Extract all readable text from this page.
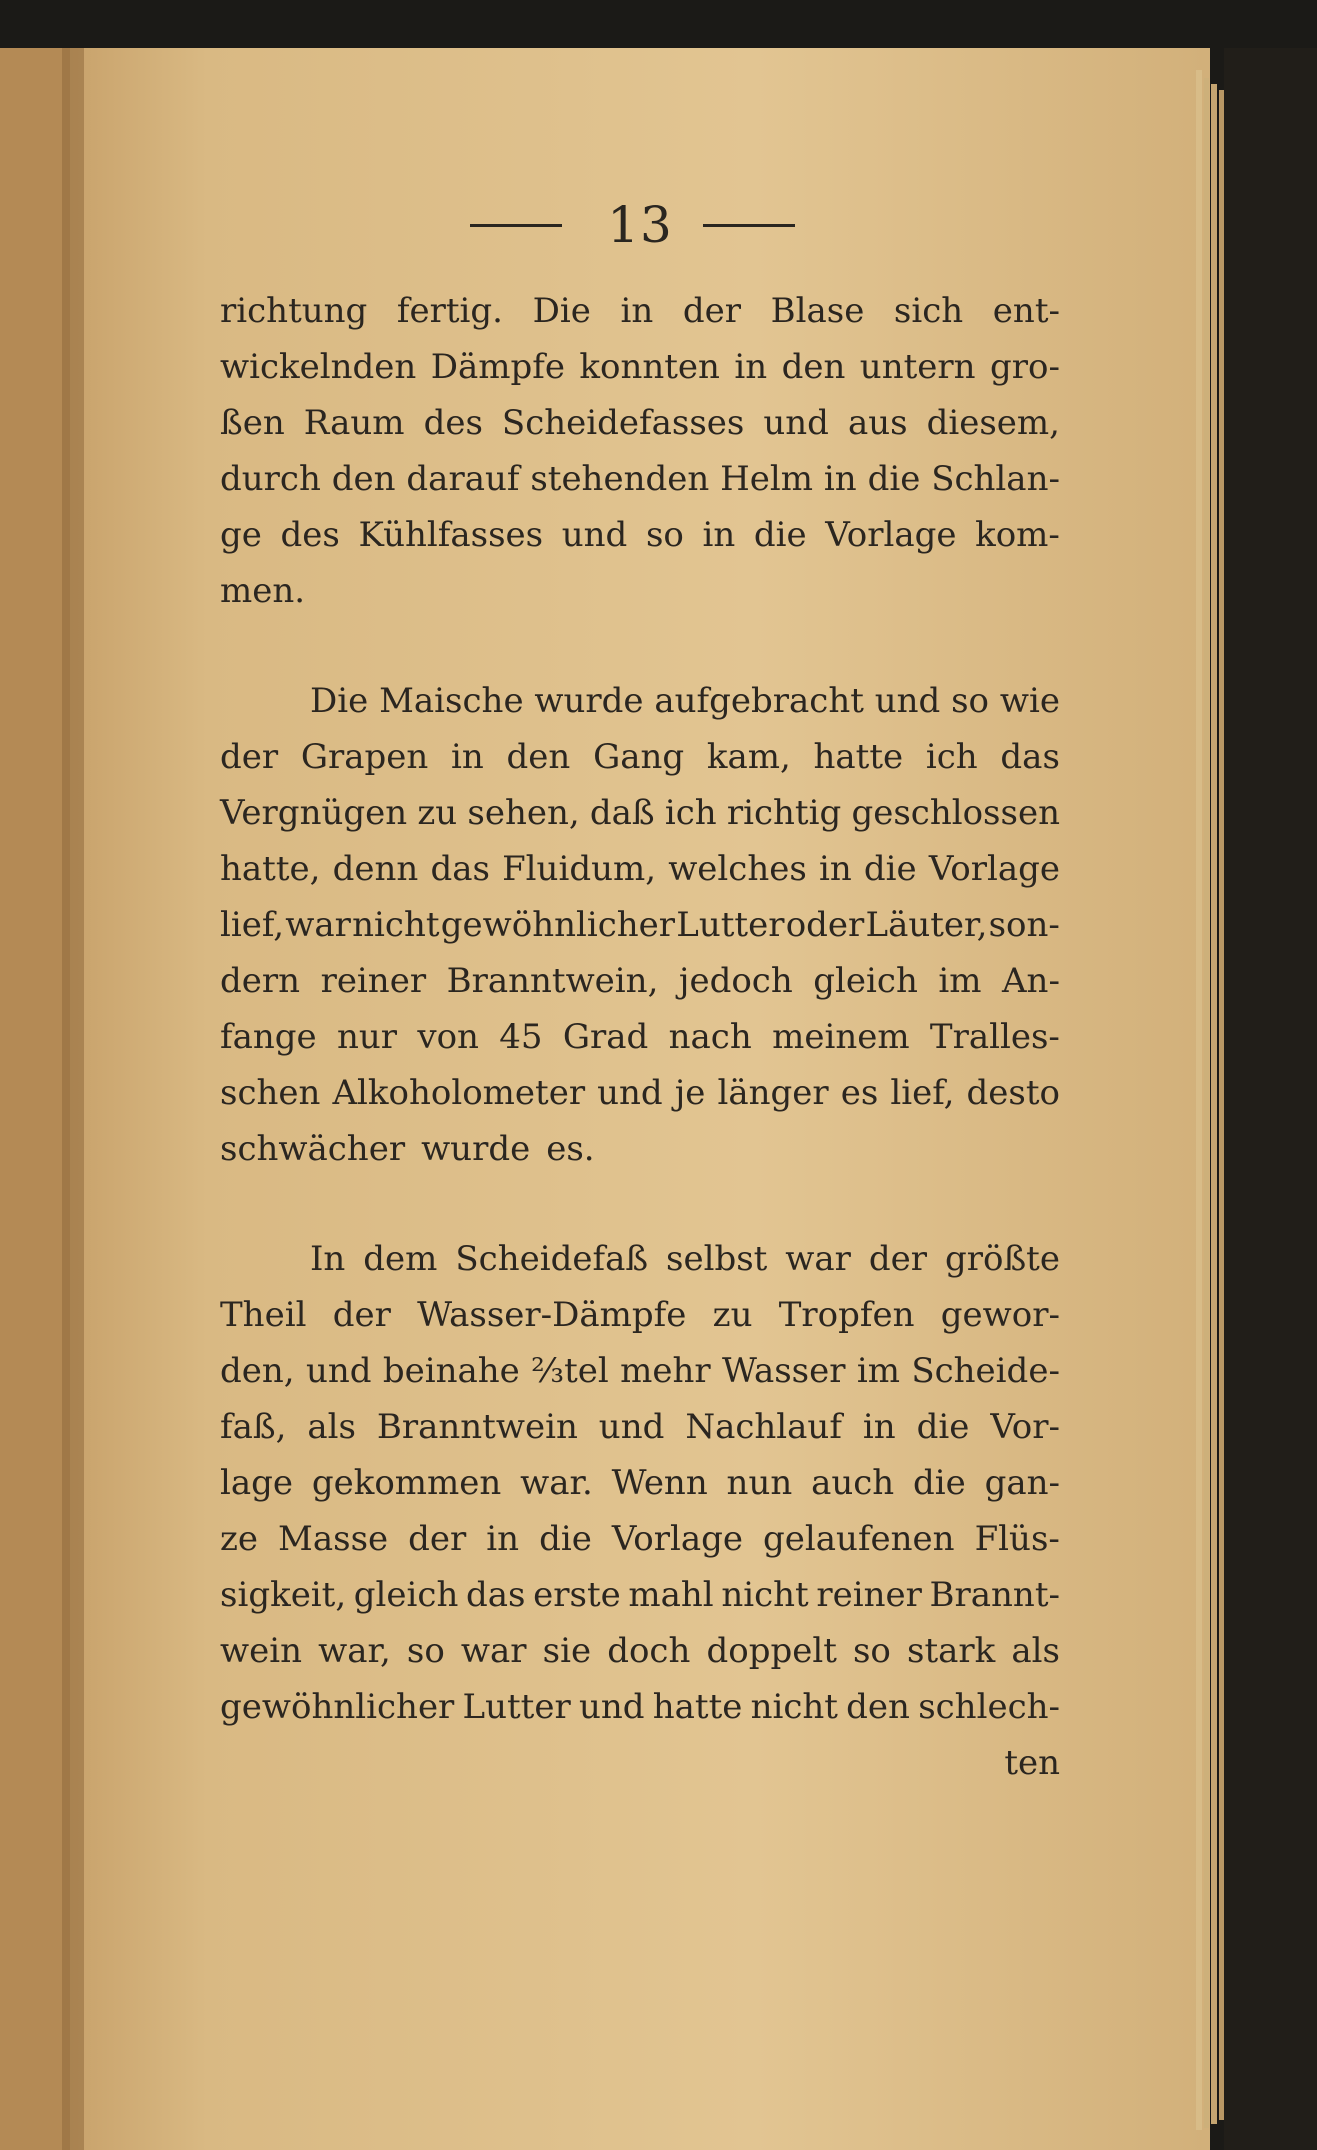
13
richtung fertig. Die in der Blase sich ent-
wickelnden Dämpfe konnten in den untern gro-
ßen Raum des Scheidefasses und aus diesem,
durch den darauf stehenden Helm in die Schlan-
ge des Kühlfasses und so in die Vorlage kom-
men.
Die Maische wurde aufgebracht und so wie
der Grapen in den Gang kam, hatte ich das
Vergnügen zu sehen, daß ich richtig geschlossen
hatte, denn das Fluidum, welches in die Vorlage
lief, war nicht gewöhnlicher Lutter oder Läuter, son-
dern reiner Branntwein, jedoch gleich im An-
fange nur von 45 Grad nach meinem Tralles-
schen Alkoholometer und je länger es lief, desto
schwächer wurde es.
In dem Scheidefaß selbst war der größte
Theil der Wasser-Dämpfe zu Tropfen gewor-
den, und beinahe ⅔tel mehr Wasser im Scheide-
faß, als Branntwein und Nachlauf in die Vor-
lage gekommen war. Wenn nun auch die gan-
ze Masse der in die Vorlage gelaufenen Flüs-
sigkeit, gleich das erste mahl nicht reiner Brannt-
wein war, so war sie doch doppelt so stark als
gewöhnlicher Lutter und hatte nicht den schlech-
ten
